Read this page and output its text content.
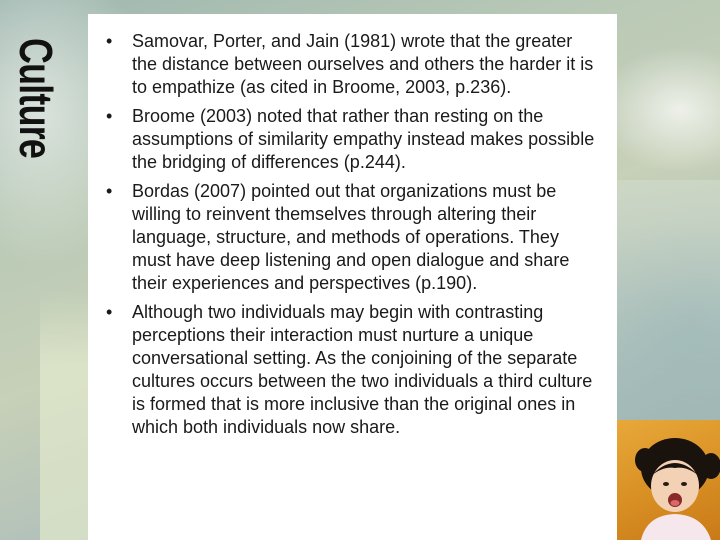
Culture •	Samovar, Porter, and Jain (1981) wrote that the greater the distance between ourselves and others the harder it is to empathize (as cited in Broome, 2003, p.236).
•	Broome (2003) noted that rather than resting on the assumptions of similarity empathy instead makes possible the bridging of differences (p.244).
•	Bordas (2007) pointed out that organizations must be willing to reinvent themselves through altering their language, structure, and methods of operations. They must have deep listening and open dialogue and share their experiences and perspectives (p.190).
•	Although two individuals may begin with contrasting perceptions their interaction must nurture a unique conversational setting. As the conjoining of the separate cultures occurs between the two individuals a third culture is formed that is more inclusive than the original ones in which both individuals now share.
